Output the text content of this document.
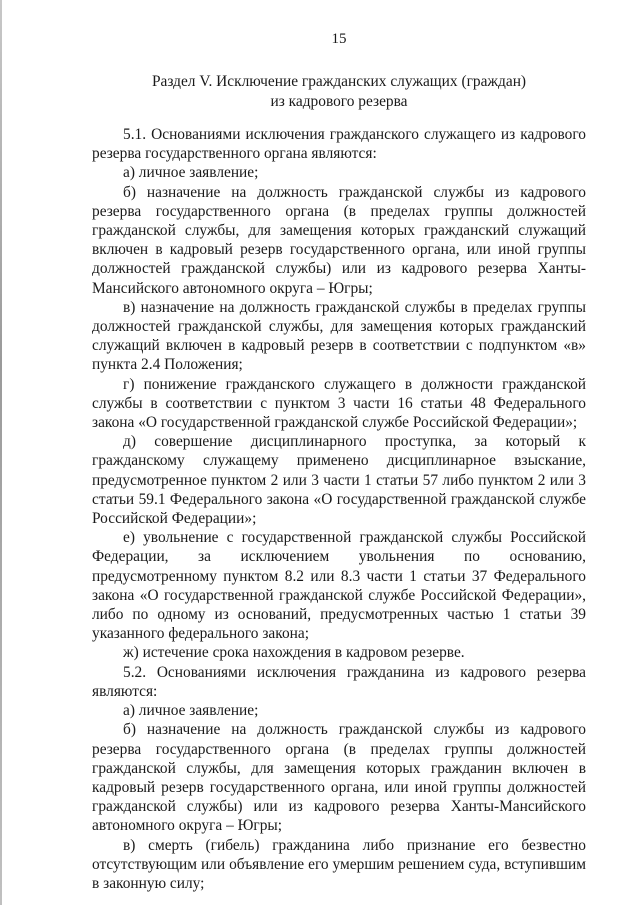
15
Раздел V. Исключение гражданских служащих (граждан)
из кадрового резерва

5.1. Основаниями исключения гражданского служащего из кадрового резерва государственного органа являются:

а) личное заявление;

б) назначение на должность гражданской службы из кадрового резерва государственного органа (в пределах группы должностей гражданской службы, для замещения которых гражданский служащий включен в кадровый резерв государственного органа, или иной группы должностей гражданской службы) или из кадрового резерва Ханты-Мансийского автономного округа – Югры;

в) назначение на должность гражданской службы в пределах группы должностей гражданской службы, для замещения которых гражданский служащий включен в кадровый резерв в соответствии с подпунктом «в» пункта 2.4 Положения;

г) понижение гражданского служащего в должности гражданской службы в соответствии с пунктом 3 части 16 статьи 48 Федерального закона «О государственной гражданской службе Российской Федерации»;

д) совершение дисциплинарного проступка, за который к гражданскому служащему применено дисциплинарное взыскание, предусмотренное пунктом 2 или 3 части 1 статьи 57 либо пунктом 2 или 3 статьи 59.1 Федерального закона «О государственной гражданской службе Российской Федерации»;

е) увольнение с государственной гражданской службы Российской Федерации, за исключением увольнения по основанию, предусмотренному пунктом 8.2 или 8.3 части 1 статьи 37 Федерального закона «О государственной гражданской службе Российской Федерации», либо по одному из оснований, предусмотренных частью 1 статьи 39 указанного федерального закона;

ж) истечение срока нахождения в кадровом резерве.

5.2. Основаниями исключения гражданина из кадрового резерва являются:

а) личное заявление;

б) назначение на должность гражданской службы из кадрового резерва государственного органа (в пределах группы должностей гражданской службы, для замещения которых гражданин включен в кадровый резерв государственного органа, или иной группы должностей гражданской службы) или из кадрового резерва Ханты-Мансийского автономного округа – Югры;

в) смерть (гибель) гражданина либо признание его безвестно отсутствующим или объявление его умершим решением суда, вступившим в законную силу;
